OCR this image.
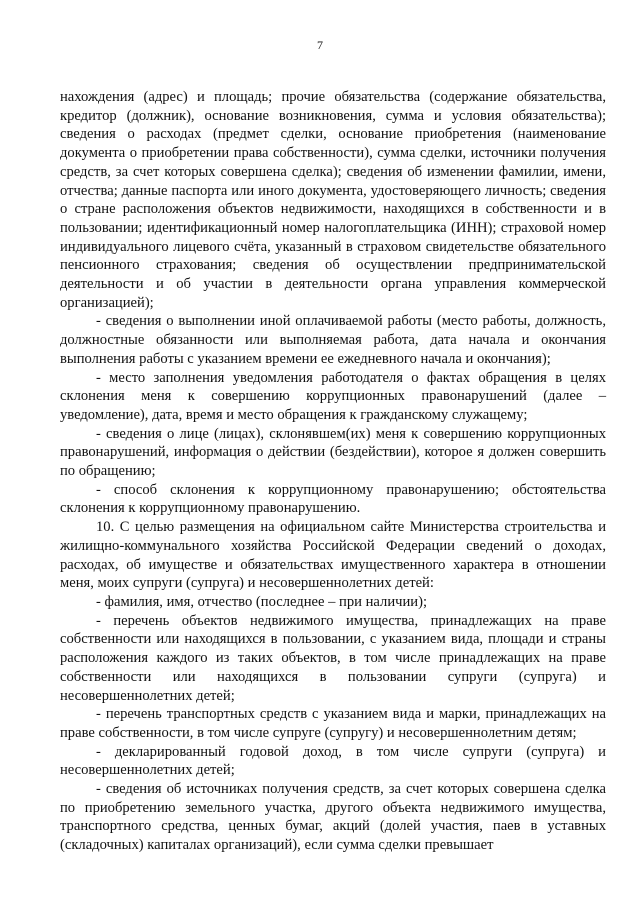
7

нахождения (адрес) и площадь; прочие обязательства (содержание обязательства, кредитор (должник), основание возникновения, сумма и условия обязательства); сведения о расходах (предмет сделки, основание приобретения (наименование документа о приобретении права собственности), сумма сделки, источники получения средств, за счет которых совершена сделка); сведения об изменении фамилии, имени, отчества; данные паспорта или иного документа, удостоверяющего личность; сведения о стране расположения объектов недвижимости, находящихся в собственности и в пользовании; идентификационный номер налогоплательщика (ИНН); страховой номер индивидуального лицевого счёта, указанный в страховом свидетельстве обязательного пенсионного страхования; сведения об осуществлении предпринимательской деятельности и об участии в деятельности органа управления коммерческой организацией);

- сведения о выполнении иной оплачиваемой работы (место работы, должность, должностные обязанности или выполняемая работа, дата начала и окончания выполнения работы с указанием времени ее ежедневного начала и окончания);

- место заполнения уведомления работодателя о фактах обращения в целях склонения меня к совершению коррупционных правонарушений (далее – уведомление), дата, время и место обращения к гражданскому служащему;

- сведения о лице (лицах), склонявшем(их) меня к совершению коррупционных правонарушений, информация о действии (бездействии), которое я должен совершить по обращению;

- способ склонения к коррупционному правонарушению; обстоятельства склонения к коррупционному правонарушению.

10. С целью размещения на официальном сайте Министерства строительства и жилищно-коммунального хозяйства Российской Федерации сведений о доходах, расходах, об имуществе и обязательствах имущественного характера в отношении меня, моих супруги (супруга) и несовершеннолетних детей:

- фамилия, имя, отчество (последнее – при наличии);

- перечень объектов недвижимого имущества, принадлежащих на праве собственности или находящихся в пользовании, с указанием вида, площади и страны расположения каждого из таких объектов, в том числе принадлежащих на праве собственности или находящихся в пользовании супруги (супруга) и несовершеннолетних детей;

- перечень транспортных средств с указанием вида и марки, принадлежащих на праве собственности, в том числе супруге (супругу) и несовершеннолетним детям;

- декларированный годовой доход, в том числе супруги (супруга) и несовершеннолетних детей;

- сведения об источниках получения средств, за счет которых совершена сделка по приобретению земельного участка, другого объекта недвижимого имущества, транспортного средства, ценных бумаг, акций (долей участия, паев в уставных (складочных) капиталах организаций), если сумма сделки превышает
